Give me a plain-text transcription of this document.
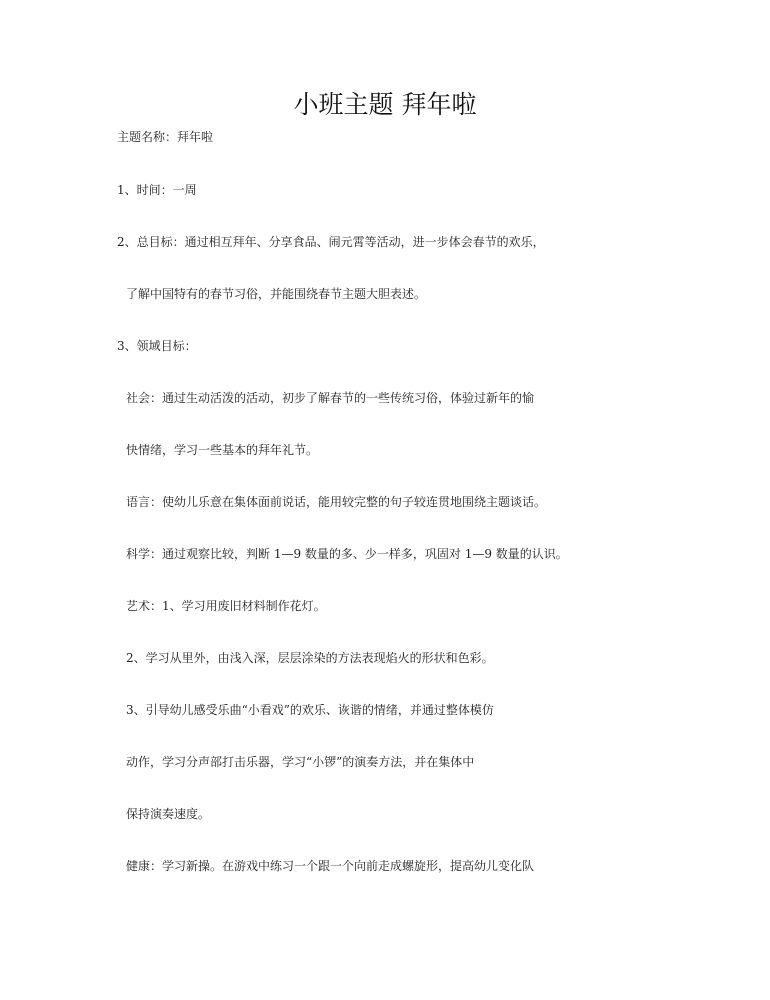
小班主题 拜年啦

主题名称：拜年啦

1、时间：一周

2、总目标：通过相互拜年、分享食品、闹元霄等活动，进一步体会春节的欢乐，

了解中国特有的春节习俗，并能围绕春节主题大胆表述。

3、领域目标：

社会：通过生动活泼的活动，初步了解春节的一些传统习俗，体验过新年的愉

快情绪，学习一些基本的拜年礼节。

语言：使幼儿乐意在集体面前说话，能用较完整的句子较连贯地围绕主题谈话。

科学：通过观察比较，判断 1—9 数量的多、少一样多，巩固对 1—9 数量的认识。

艺术：1、学习用废旧材料制作花灯。

2、学习从里外，由浅入深，层层涂染的方法表现焰火的形状和色彩。

3、引导幼儿感受乐曲“小看戏”的欢乐、诙谐的情绪，并通过整体模仿

动作，学习分声部打击乐器，学习“小锣”的演奏方法，并在集体中

保持演奏速度。

健康：学习新操。在游戏中练习一个跟一个向前走成螺旋形，提高幼儿变化队
